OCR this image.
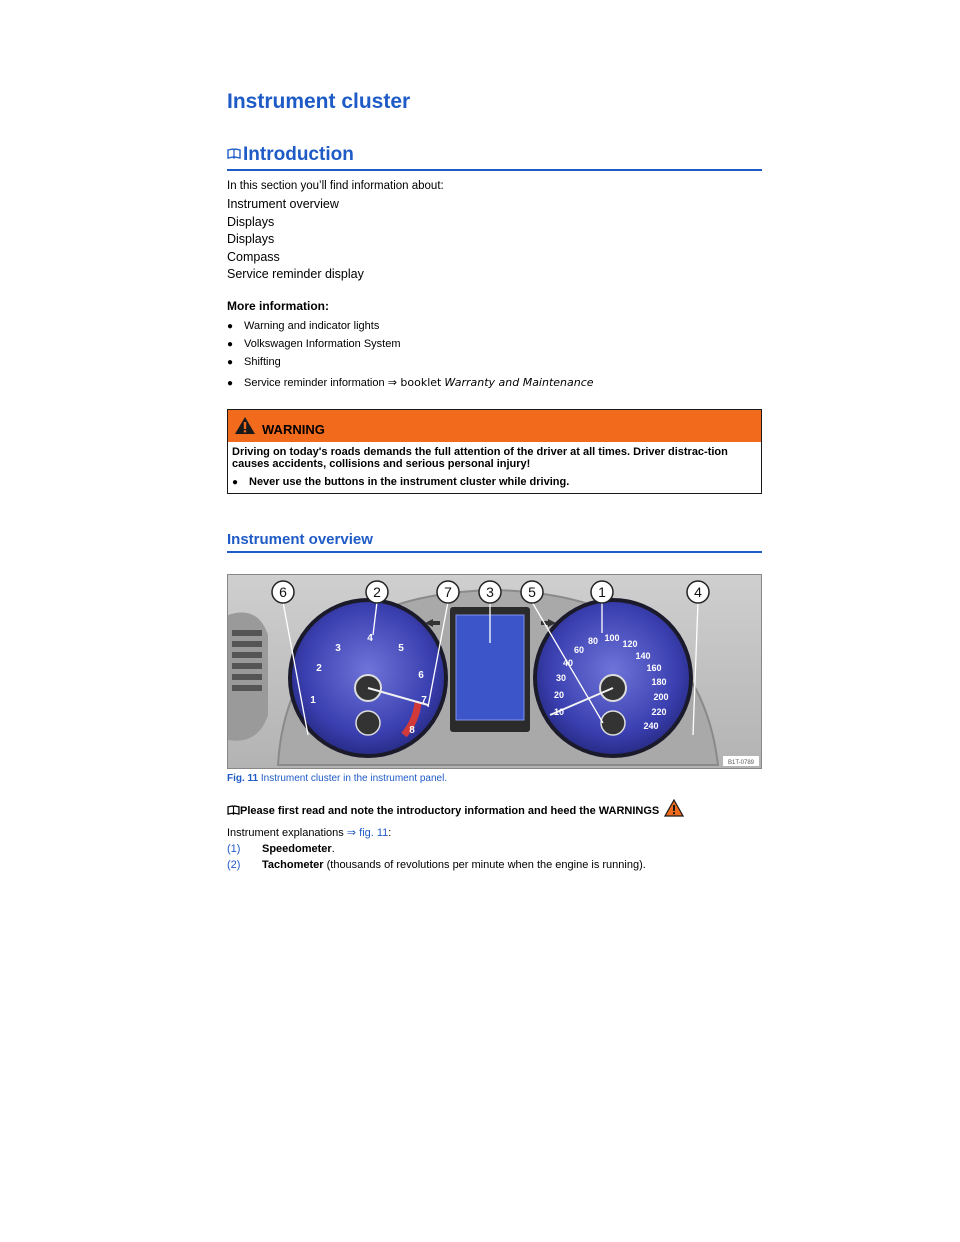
Instrument cluster
Introduction
In this section you’ll find information about:
Instrument overview
Displays
Displays
Compass
Service reminder display
More information:
● Warning and indicator lights
● Volkswagen Information System
● Shifting
● Service reminder information ⇒ booklet Warranty and Maintenance
WARNING
Driving on today's roads demands the full attention of the driver at all times. Driver distrac-tion causes accidents, collisions and serious personal injury!
● Never use the buttons in the instrument cluster while driving.
Instrument overview
1
2
3
4
5
6
7
8
10
20
30
40
60
80 100
120
140
160
180
200
220
240
6	2	7 3 5	1	4
B1T-0789
Fig. 11 Instrument cluster in the instrument panel.
Please first read and note the introductory information and heed the WARNINGS
Instrument explanations ⇒ fig. 11:
(1) Speedometer.
(2) Tachometer (thousands of revolutions per minute when the engine is running).
